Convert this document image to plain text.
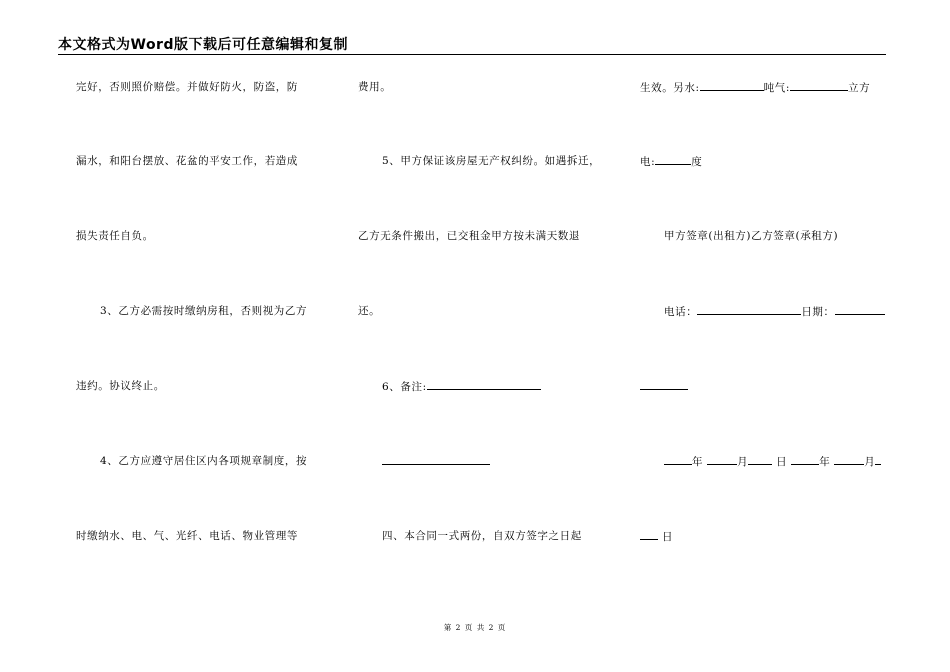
本文格式为Word版下载后可任意编辑和复制
完好，否则照价赔偿。并做好防火，防盗，防
漏水，和阳台摆放、花盆的平安工作，若造成
损失责任自负。
3、乙方必需按时缴纳房租，否则视为乙方
违约。协议终止。
4、乙方应遵守居住区内各项规章制度，按
时缴纳水、电、气、光纤、电话、物业管理等
费用。
5、甲方保证该房屋无产权纠纷。如遇拆迁，
乙方无条件搬出，已交租金甲方按未满天数退
还。
6、备注:
四、本合同一式两份，自双方签字之日起
生效。另水:	吨气:	立方
电:	度
甲方签章(出租方)乙方签章(承租方)
电话：	日期：
年	月	日	年	月
日
第 2 页 共 2 页
